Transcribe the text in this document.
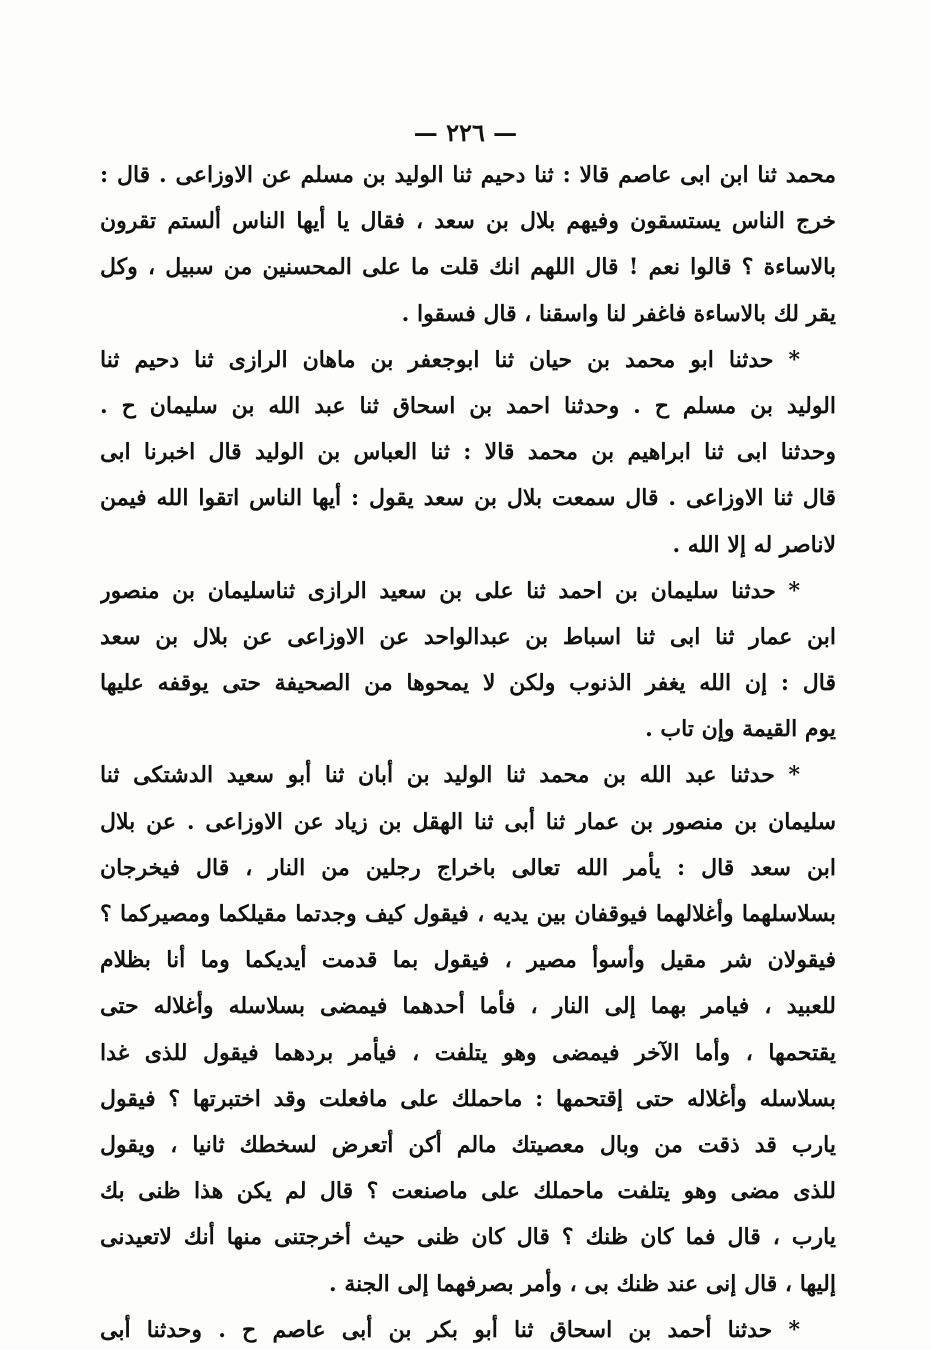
— ٢٢٦ —
محمد ثنا ابن ابى عاصم قالا : ثنا دحيم ثنا الوليد بن مسلم عن الاوزاعى . قال :
خرج الناس يستسقون وفيهم بلال بن سعد ، فقال يا أيها الناس ألستم تقرون
بالاساءة ؟ قالوا نعم ! قال اللهم انك قلت ما على المحسنين من سبيل ، وكل
يقر لك بالاساءة فاغفر لنا واسقنا ، قال فسقوا .
* حدثنا ابو محمد بن حيان ثنا ابوجعفر بن ماهان الرازى ثنا دحيم ثنا
الوليد بن مسلم ح . وحدثنا احمد بن اسحاق ثنا عبد الله بن سليمان ح .
وحدثنا ابى ثنا ابراهيم بن محمد قالا : ثنا العباس بن الوليد قال اخبرنا ابى
قال ثنا الاوزاعى . قال سمعت بلال بن سعد يقول : أيها الناس اتقوا الله فيمن
لاناصر له إلا الله .
* حدثنا سليمان بن احمد ثنا على بن سعيد الرازى ثناسليمان بن منصور
ابن عمار ثنا ابى ثنا اسباط بن عبدالواحد عن الاوزاعى عن بلال بن سعد
قال : إن الله يغفر الذنوب ولكن لا يمحوها من الصحيفة حتى يوقفه عليها
يوم القيمة وإن تاب .
* حدثنا عبد الله بن محمد ثنا الوليد بن أبان ثنا أبو سعيد الدشتكى ثنا
سليمان بن منصور بن عمار ثنا أبى ثنا الهقل بن زياد عن الاوزاعى . عن بلال
ابن سعد قال : يأمر الله تعالى باخراج رجلين من النار ، قال فيخرجان
بسلاسلهما وأغلالهما فيوقفان بين يديه ، فيقول كيف وجدتما مقيلكما ومصيركما ؟
فيقولان شر مقيل وأسوأ مصير ، فيقول بما قدمت أيديكما وما أنا بظلام
للعبيد ، فيامر بهما إلى النار ، فأما أحدهما فيمضى بسلاسله وأغلاله حتى
يقتحمها ، وأما الآخر فيمضى وهو يتلفت ، فيأمر بردهما فيقول للذى غدا
بسلاسله وأغلاله حتى إقتحمها : ماحملك على مافعلت وقد اختبرتها ؟ فيقول
يارب قد ذقت من وبال معصيتك مالم أكن أتعرض لسخطك ثانيا ، ويقول
للذى مضى وهو يتلفت ماحملك على ماصنعت ؟ قال لم يكن هذا ظنى بك
يارب ، قال فما كان ظنك ؟ قال كان ظنى حيث أخرجتنى منها أنك لاتعيدنى
إليها ، قال إنى عند ظنك بى ، وأمر بصرفهما إلى الجنة .
* حدثنا أحمد بن اسحاق ثنا أبو بكر بن أبى عاصم ح . وحدثنا أبى
